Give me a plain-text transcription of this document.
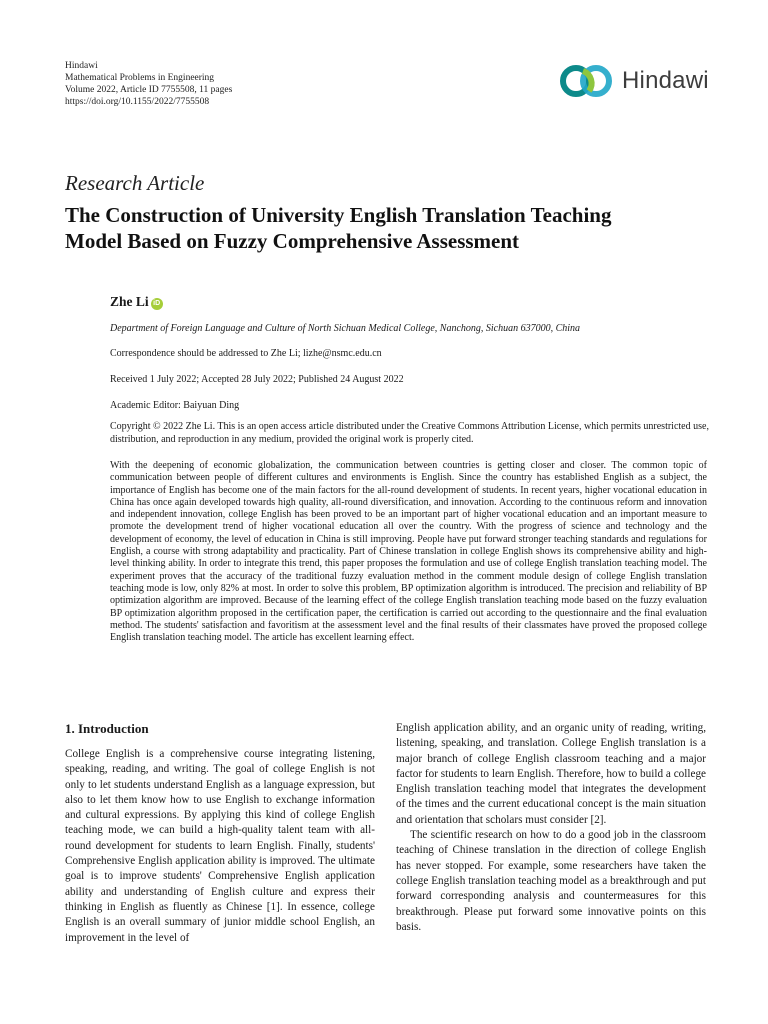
Hindawi
Mathematical Problems in Engineering
Volume 2022, Article ID 7755508, 11 pages
https://doi.org/10.1155/2022/7755508
Hindawi
Research Article
The Construction of University English Translation Teaching
Model Based on Fuzzy Comprehensive Assessment
Zhe Li iD
Department of Foreign Language and Culture of North Sichuan Medical College, Nanchong, Sichuan 637000, China
Correspondence should be addressed to Zhe Li; lizhe@nsmc.edu.cn
Received 1 July 2022; Accepted 28 July 2022; Published 24 August 2022
Academic Editor: Baiyuan Ding
Copyright © 2022 Zhe Li. This is an open access article distributed under the Creative Commons Attribution License, which permits unrestricted use, distribution, and reproduction in any medium, provided the original work is properly cited.
With the deepening of economic globalization, the communication between countries is getting closer and closer. The common topic of communication between people of different cultures and environments is English. Since the country has established English as a subject, the importance of English has become one of the main factors for the all-round development of students. In recent years, higher vocational education in China has once again developed towards high quality, all-round diversification, and innovation. According to the continuous reform and innovation and independent innovation, college English has been proved to be an important part of higher vocational education and an important measure to promote the development trend of higher vocational education all over the country. With the progress of science and technology and the development of economy, the level of education in China is still improving. People have put forward stronger teaching standards and regulations for English, a course with strong adaptability and practicality. Part of Chinese translation in college English shows its comprehensive ability and high-level thinking ability. In order to integrate this trend, this paper proposes the formulation and use of college English translation teaching model. The experiment proves that the accuracy of the traditional fuzzy evaluation method in the comment module design of college English translation teaching mode is low, only 82% at most. In order to solve this problem, BP optimization algorithm is introduced. The precision and reliability of BP optimization algorithm are improved. Because of the learning effect of the college English translation teaching mode based on the fuzzy evaluation BP optimization algorithm proposed in the certification paper, the certification is carried out according to the questionnaire and the final evaluation method. The students' satisfaction and favoritism at the assessment level and the final results of their classmates have proved the proposed college English translation teaching model. The article has excellent learning effect.
1. Introduction

College English is a comprehensive course integrating listening, speaking, reading, and writing. The goal of college English is not only to let students understand English as a language expression, but also to let them know how to use English to exchange information and cultural expressions. By applying this kind of college English teaching mode, we can build a high-quality talent team with all-round development for students to learn English. Finally, students' Comprehensive English application ability is improved. The ultimate goal is to improve students' Comprehensive English application ability and understanding of English culture and express their thinking in English as fluently as Chinese [1]. In essence, college English is an overall summary of junior middle school English, an improvement in the level of

English application ability, and an organic unity of reading, writing, listening, speaking, and translation. College English translation is a major branch of college English classroom teaching and a major factor for students to learn English. Therefore, how to build a college English translation teaching model that integrates the development of the times and the current educational concept is the main situation and orientation that scholars must consider [2].

The scientific research on how to do a good job in the classroom teaching of Chinese translation in the direction of college English has never stopped. For example, some researchers have taken the college English translation teaching model as a breakthrough and put forward corresponding analysis and countermeasures for this breakthrough. Please put forward some innovative points on this basis.
